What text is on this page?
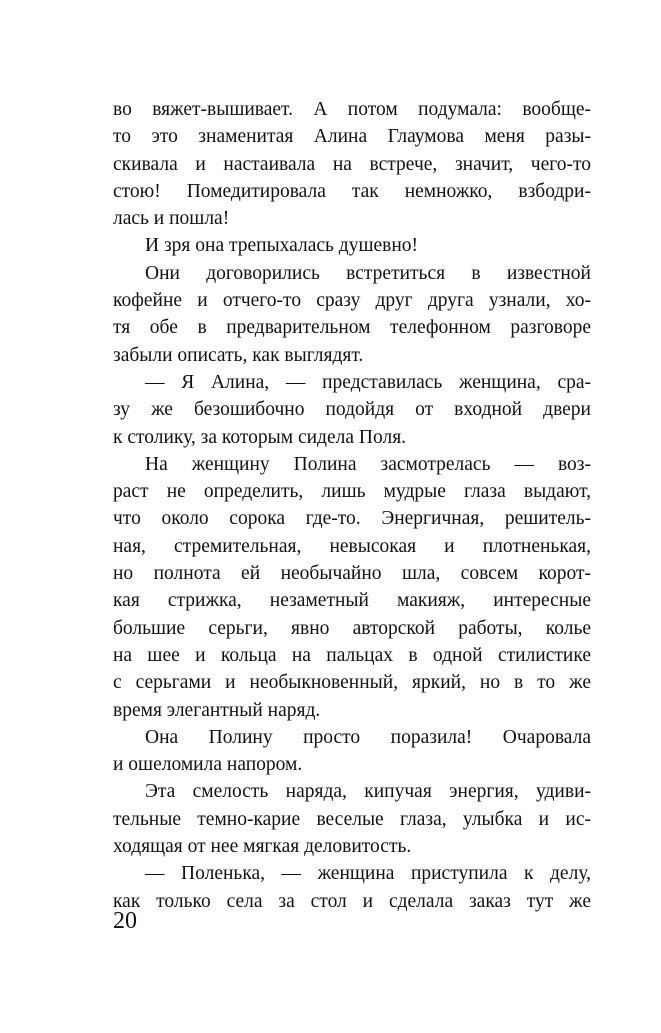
во вяжет-вышивает. А потом подумала: вообще-
то это знаменитая Алина Глаумова меня разы-
скивала и настаивала на встрече, значит, чего-то
стою! Помедитировала так немножко, взбодри-
лась и пошла!
И зря она трепыхалась душевно!
Они договорились встретиться в известной
кофейне и отчего-то сразу друг друга узнали, хо-
тя обе в предварительном телефонном разговоре
забыли описать, как выглядят.
— Я Алина, — представилась женщина, сра-
зу же безошибочно подойдя от входной двери
к столику, за которым сидела Поля.
На женщину Полина засмотрелась — воз-
раст не определить, лишь мудрые глаза выдают,
что около сорока где-то. Энергичная, решитель-
ная, стремительная, невысокая и плотненькая,
но полнота ей необычайно шла, совсем корот-
кая стрижка, незаметный макияж, интересные
большие серьги, явно авторской работы, колье
на шее и кольца на пальцах в одной стилистике
с серьгами и необыкновенный, яркий, но в то же
время элегантный наряд.
Она Полину просто поразила! Очаровала
и ошеломила напором.
Эта смелость наряда, кипучая энергия, удиви-
тельные темно-карие веселые глаза, улыбка и ис-
ходящая от нее мягкая деловитость.
— Поленька, — женщина приступила к делу,
как только села за стол и сделала заказ тут же
20
